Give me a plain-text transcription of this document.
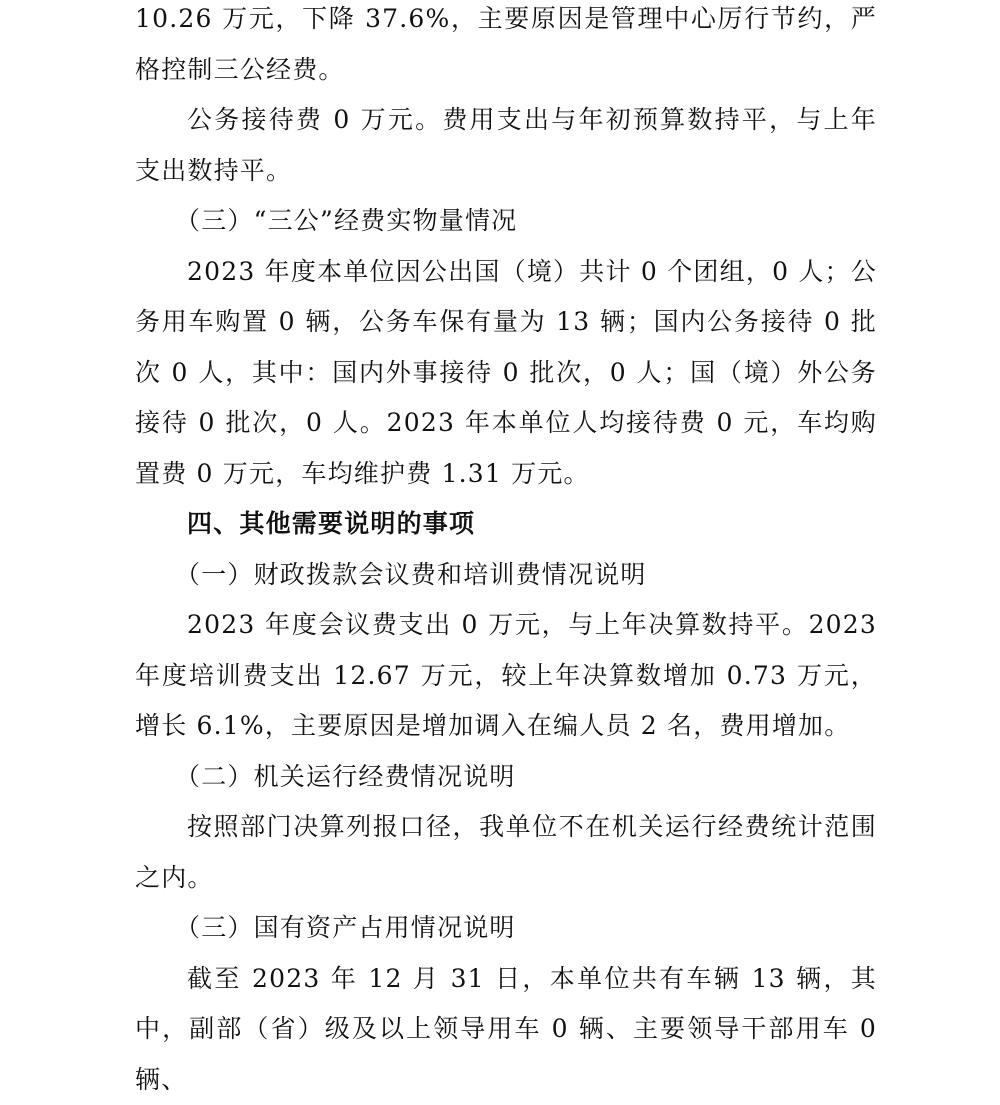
10.26 万元，下降 37.6%，主要原因是管理中心厉行节约，严格控制三公经费。

公务接待费 0 万元。费用支出与年初预算数持平，与上年支出数持平。

（三）“三公”经费实物量情况

2023 年度本单位因公出国（境）共计 0 个团组，0 人；公务用车购置 0 辆，公务车保有量为 13 辆；国内公务接待 0 批次 0 人，其中：国内外事接待 0 批次，0 人；国（境）外公务接待 0 批次，0 人。2023 年本单位人均接待费 0 元，车均购置费 0 万元，车均维护费 1.31 万元。

四、其他需要说明的事项

（一）财政拨款会议费和培训费情况说明

2023 年度会议费支出 0 万元，与上年决算数持平。2023 年度培训费支出 12.67 万元，较上年决算数增加 0.73 万元，增长 6.1%，主要原因是增加调入在编人员 2 名，费用增加。

（二）机关运行经费情况说明

按照部门决算列报口径，我单位不在机关运行经费统计范围之内。

（三）国有资产占用情况说明

截至 2023 年 12 月 31 日，本单位共有车辆 13 辆，其中，副部（省）级及以上领导用车 0 辆、主要领导干部用车 0 辆、
